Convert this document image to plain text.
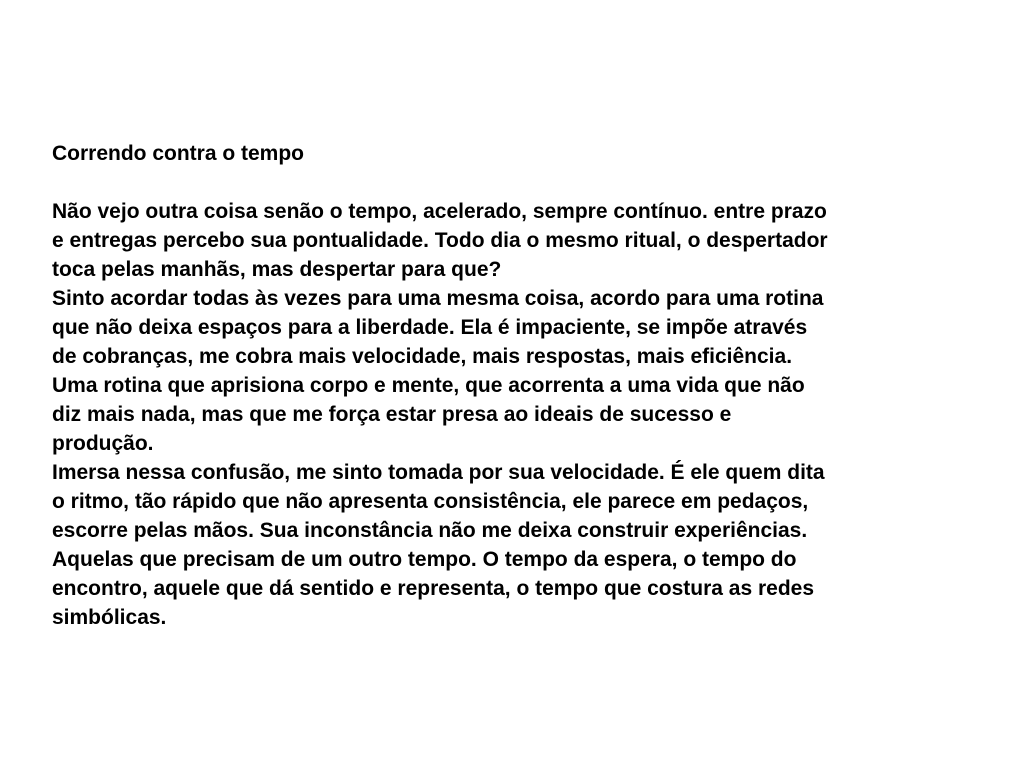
Correndo contra o tempo

Não vejo outra coisa senão o tempo, acelerado, sempre contínuo. entre prazo

e entregas percebo sua pontualidade. Todo dia o mesmo ritual, o despertador

toca pelas manhãs, mas despertar para que?

Sinto acordar todas às vezes para uma mesma coisa, acordo para uma rotina

que não deixa espaços para a liberdade. Ela é impaciente, se impõe através

de cobranças, me cobra mais velocidade, mais respostas, mais eficiência.

Uma rotina que aprisiona corpo e mente, que acorrenta a uma vida que não

diz mais nada, mas que me força estar presa ao ideais de sucesso e

produção.

Imersa nessa confusão, me sinto tomada por sua velocidade. É ele quem dita

o ritmo, tão rápido que não apresenta consistência, ele parece em pedaços,

escorre pelas mãos. Sua inconstância não me deixa construir experiências.

Aquelas que precisam de um outro tempo. O tempo da espera, o tempo do

encontro, aquele que dá sentido e representa, o tempo que costura as redes

simbólicas.
